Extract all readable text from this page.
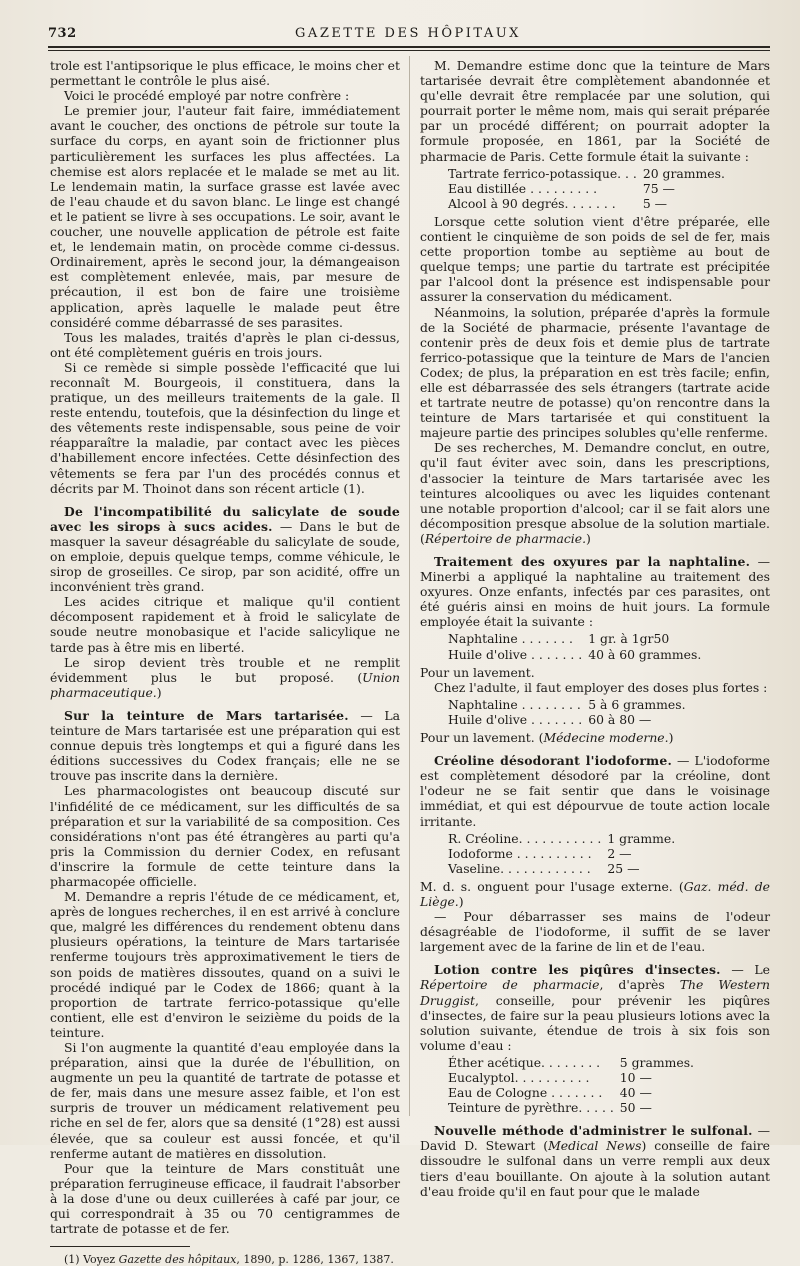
732	GAZETTE DES HÔPITAUX

trole est l'antipsorique le plus efficace, le moins cher et permettant le contrôle le plus aisé.

Voici le procédé employé par notre confrère :

Le premier jour, l'auteur fait faire, immédiatement avant le coucher, des onctions de pétrole sur toute la surface du corps, en ayant soin de frictionner plus particulièrement les surfaces les plus affectées. La chemise est alors replacée et le malade se met au lit. Le lendemain matin, la surface grasse est lavée avec de l'eau chaude et du savon blanc. Le linge est changé et le patient se livre à ses occupations. Le soir, avant le coucher, une nouvelle application de pétrole est faite et, le lendemain matin, on procède comme ci-dessus. Ordinairement, après le second jour, la démangeaison est complètement enlevée, mais, par mesure de précaution, il est bon de faire une troisième application, après laquelle le malade peut être considéré comme débarrassé de ses parasites.

Tous les malades, traités d'après le plan ci-dessus, ont été complètement guéris en trois jours.

Si ce remède si simple possède l'efficacité que lui reconnaît M. Bourgeois, il constituera, dans la pratique, un des meilleurs traitements de la gale. Il reste entendu, toutefois, que la désinfection du linge et des vêtements reste indispensable, sous peine de voir réapparaître la maladie, par contact avec les pièces d'habillement encore infectées. Cette désinfection des vêtements se fera par l'un des procédés connus et décrits par M. Thoinot dans son récent article (1).

De l'incompatibilité du salicylate de soude avec les sirops à sucs acides. — Dans le but de masquer la saveur désagréable du salicylate de soude, on emploie, depuis quelque temps, comme véhicule, le sirop de groseilles. Ce sirop, par son acidité, offre un inconvénient très grand.

Les acides citrique et malique qu'il contient décomposent rapidement et à froid le salicylate de soude neutre monobasique et l'acide salicylique ne tarde pas à être mis en liberté.

Le sirop devient très trouble et ne remplit évidemment plus le but proposé. (Union pharmaceutique.)

Sur la teinture de Mars tartarisée. — La teinture de Mars tartarisée est une préparation qui est connue depuis très longtemps et qui a figuré dans les éditions successives du Codex français; elle ne se trouve pas inscrite dans la dernière.

Les pharmacologistes ont beaucoup discuté sur l'infidélité de ce médicament, sur les difficultés de sa préparation et sur la variabilité de sa composition. Ces considérations n'ont pas été étrangères au parti qu'a pris la Commission du dernier Codex, en refusant d'inscrire la formule de cette teinture dans la pharmacopée officielle.

M. Demandre a repris l'étude de ce médicament, et, après de longues recherches, il en est arrivé à conclure que, malgré les différences du rendement obtenu dans plusieurs opérations, la teinture de Mars tartarisée renferme toujours très approximativement le tiers de son poids de matières dissoutes, quand on a suivi le procédé indiqué par le Codex de 1866; quant à la proportion de tartrate ferrico-potassique qu'elle contient, elle est d'environ le seizième du poids de la teinture.

Si l'on augmente la quantité d'eau employée dans la préparation, ainsi que la durée de l'ébullition, on augmente un peu la quantité de tartrate de potasse et de fer, mais dans une mesure assez faible, et l'on est surpris de trouver un médicament relativement peu riche en sel de fer, alors que sa densité (1°28) est aussi élevée, que sa couleur est aussi foncée, et qu'il renferme autant de matières en dissolution.

Pour que la teinture de Mars constituât une préparation ferrugineuse efficace, il faudrait l'absorber à la dose d'une ou deux cuillerées à café par jour, ce qui correspondrait à 35 ou 70 centigrammes de tartrate de potasse et de fer.

(1) Voyez Gazette des hôpitaux, 1890, p. 1286, 1367, 1387.

M. Demandre estime donc que la teinture de Mars tartarisée devrait être complètement abandonnée et qu'elle devrait être remplacée par une solution, qui pourrait porter le même nom, mais qui serait préparée par un procédé différent; on pourrait adopter la formule proposée, en 1861, par la Société de pharmacie de Paris. Cette formule était la suivante :

Tartrate ferrico-potassique. . .	20 grammes.
Eau distillée . . . . . . . . .	75 —
Alcool à 90 degrés. . . . . . .	5 —

Lorsque cette solution vient d'être préparée, elle contient le cinquième de son poids de sel de fer, mais cette proportion tombe au septième au bout de quelque temps; une partie du tartrate est précipitée par l'alcool dont la présence est indispensable pour assurer la conservation du médicament.

Néanmoins, la solution, préparée d'après la formule de la Société de pharmacie, présente l'avantage de contenir près de deux fois et demie plus de tartrate ferrico-potassique que la teinture de Mars de l'ancien Codex; de plus, la préparation en est très facile; enfin, elle est débarrassée des sels étrangers (tartrate acide et tartrate neutre de potasse) qu'on rencontre dans la teinture de Mars tartarisée et qui constituent la majeure partie des principes solubles qu'elle renferme.

De ses recherches, M. Demandre conclut, en outre, qu'il faut éviter avec soin, dans les prescriptions, d'associer la teinture de Mars tartarisée avec les teintures alcooliques ou avec les liquides contenant une notable proportion d'alcool; car il se fait alors une décomposition presque absolue de la solution martiale. (Répertoire de pharmacie.)

Traitement des oxyures par la naphtaline. — Minerbi a appliqué la naphtaline au traitement des oxyures. Onze enfants, infectés par ces parasites, ont été guéris ainsi en moins de huit jours. La formule employée était la suivante :

Naphtaline . . . . . . .	1 gr. à 1gr50
Huile d'olive . . . . . . .	40 à 60 grammes.

Pour un lavement.

Chez l'adulte, il faut employer des doses plus fortes :

Naphtaline . . . . . . . .	5 à 6 grammes.
Huile d'olive . . . . . . .	60 à 80 —

Pour un lavement. (Médecine moderne.)

Créoline désodorant l'iodoforme. — L'iodoforme est complètement désodoré par la créoline, dont l'odeur ne se fait sentir que dans le voisinage immédiat, et qui est dépourvue de toute action locale irritante.

R. Créoline. . . . . . . . . . .	1 gramme.
Iodoforme . . . . . . . . . .	2 —
Vaseline. . . . . . . . . . . .	25 —

M. d. s. onguent pour l'usage externe. (Gaz. méd. de Liège.)

— Pour débarrasser ses mains de l'odeur désagréable de l'iodoforme, il suffit de se laver largement avec de la farine de lin et de l'eau.

Lotion contre les piqûres d'insectes. — Le Répertoire de pharmacie, d'après The Western Druggist, conseille, pour prévenir les piqûres d'insectes, de faire sur la peau plusieurs lotions avec la solution suivante, étendue de trois à six fois son volume d'eau :

Éther acétique. . . . . . . .	5 grammes.
Eucalyptol. . . . . . . . . .	10 —
Eau de Cologne . . . . . . .	40 —
Teinture de pyrèthre. . . . .	50 —

Nouvelle méthode d'administrer le sulfonal. — David D. Stewart (Medical News) conseille de faire dissoudre le sulfonal dans un verre rempli aux deux tiers d'eau bouillante. On ajoute à la solution autant d'eau froide qu'il en faut pour que le malade
